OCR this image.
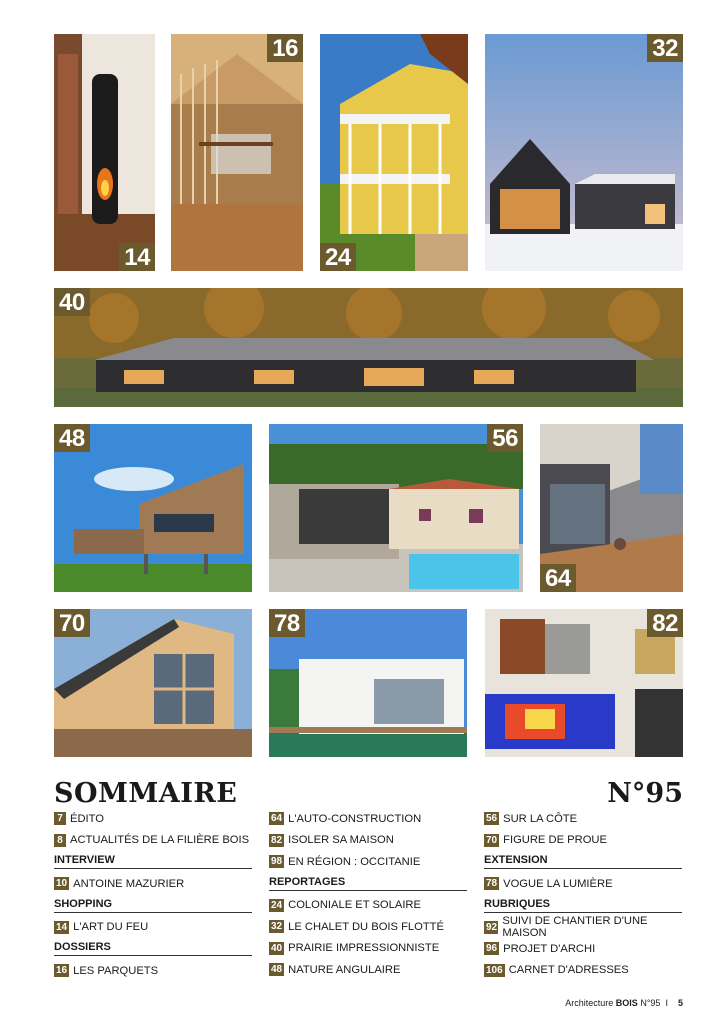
14
16
24
32
40
48	56
64
70	78	82
SOMMAIRE	N°95
7 ÉDITO
8 ACTUALITÉS DE LA FILIÈRE BOIS
INTERVIEW
10 ANTOINE MAZURIER
SHOPPING
14 L'ART DU FEU
DOSSIERS
16 LES PARQUETS
64 L'AUTO-CONSTRUCTION
82 ISOLER SA MAISON
98 EN RÉGION : OCCITANIE
REPORTAGES
24 COLONIALE ET SOLAIRE
32 LE CHALET DU BOIS FLOTTÉ
40 PRAIRIE IMPRESSIONNISTE
48 NATURE ANGULAIRE
56 SUR LA CÔTE
70 FIGURE DE PROUE
EXTENSION
78 VOGUE LA LUMIÈRE
RUBRIQUES
92 SUIVI DE CHANTIER D'UNE MAISON
96 PROJET D'ARCHI
106 CARNET D'ADRESSES
Architecture BOIS N°95 I 5
